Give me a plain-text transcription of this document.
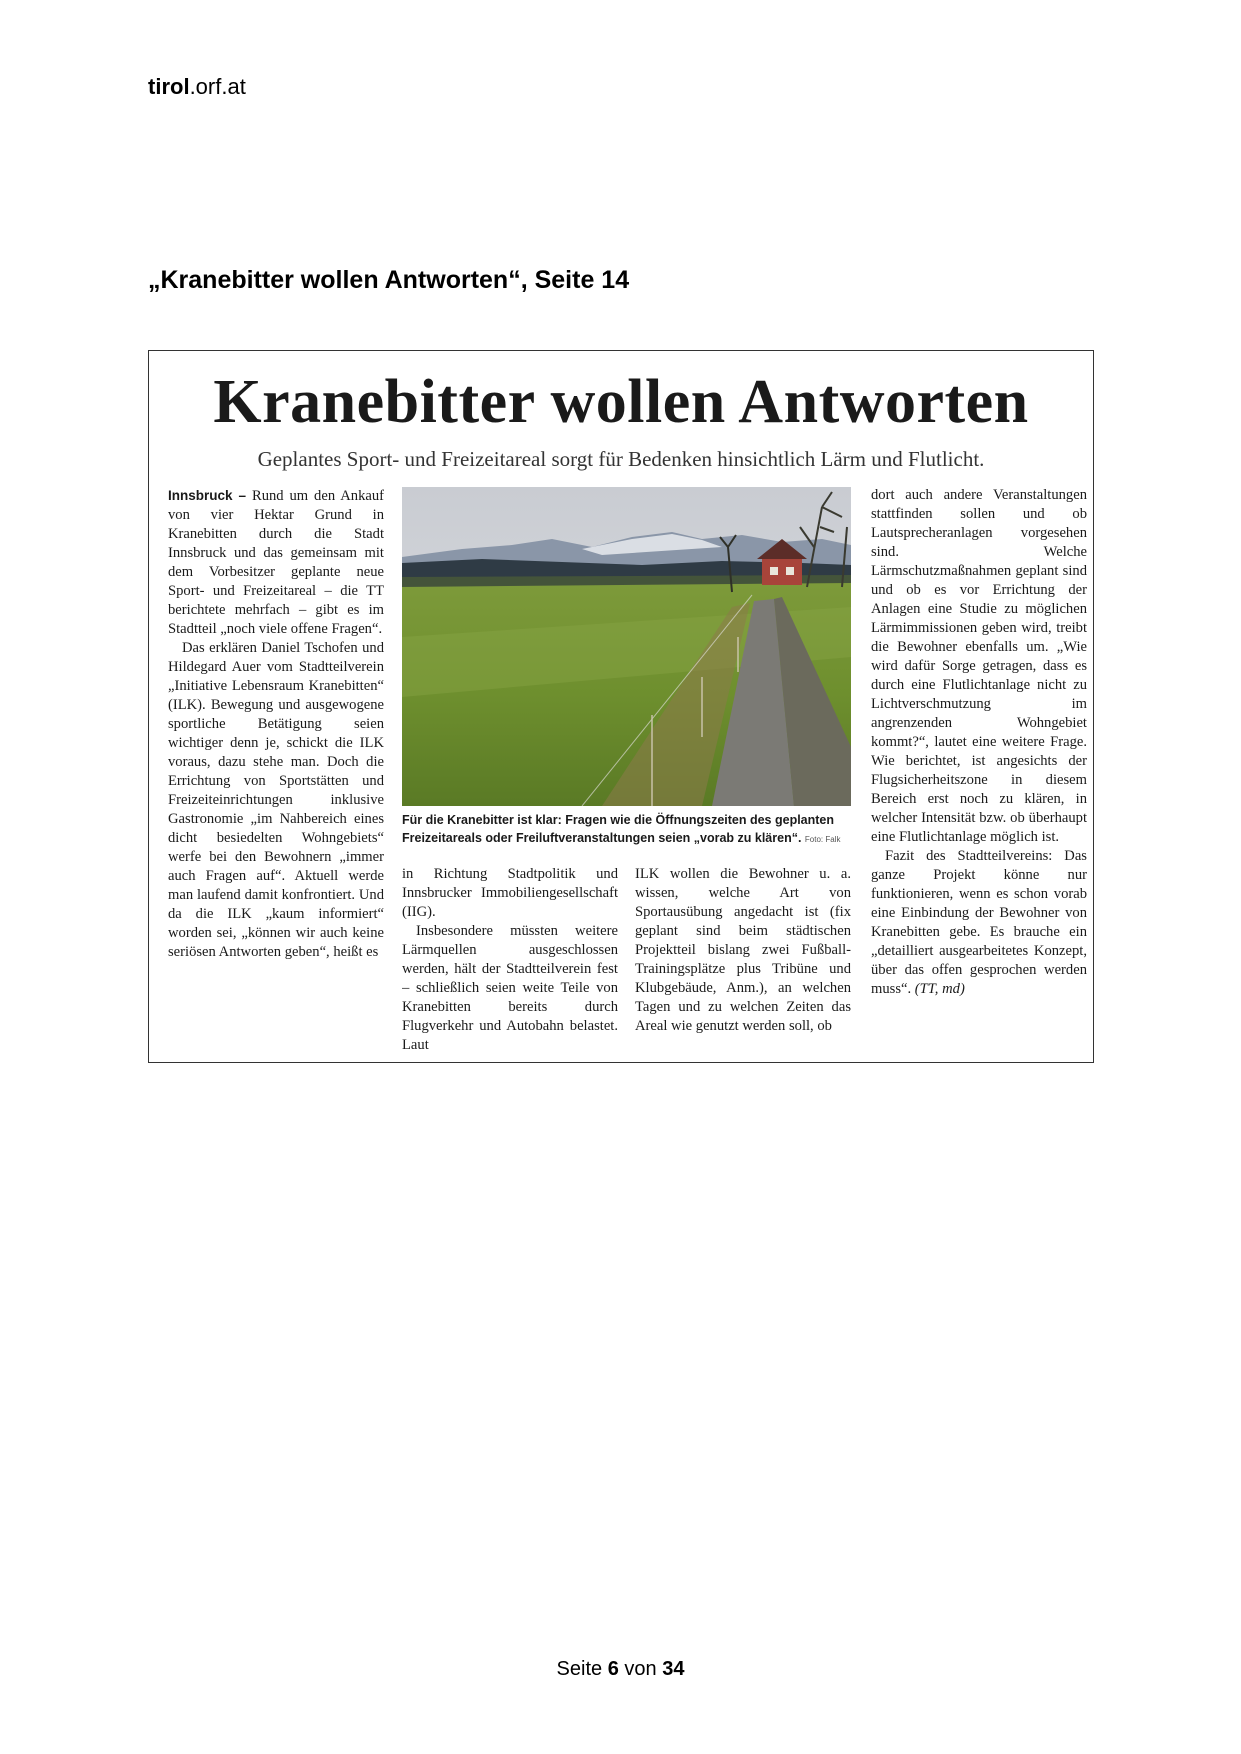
tirol.orf.at
„Kranebitter wollen Antworten“, Seite 14
Kranebitter wollen Antworten
Geplantes Sport- und Freizeitareal sorgt für Bedenken hinsichtlich Lärm und Flutlicht.

Innsbruck – Rund um den Ankauf von vier Hektar Grund in Kranebitten durch die Stadt Innsbruck und das gemeinsam mit dem Vorbesitzer geplante neue Sport- und Freizeitareal – die TT berichtete mehrfach – gibt es im Stadtteil „noch viele offene Fragen“.

Das erklären Daniel Tschofen und Hildegard Auer vom Stadtteilverein „Initiative Lebensraum Kranebitten“ (ILK). Bewegung und ausgewogene sportliche Betätigung seien wichtiger denn je, schickt die ILK voraus, dazu stehe man. Doch die Errichtung von Sportstätten und Freizeiteinrichtungen inklusive Gastronomie „im Nahbereich eines dicht besiedelten Wohngebiets“ werfe bei den Bewohnern „immer auch Fragen auf“. Aktuell werde man laufend damit konfrontiert. Und da die ILK „kaum informiert“ worden sei, „können wir auch keine seriösen Antworten geben“, heißt es

Für die Kranebitter ist klar: Fragen wie die Öffnungszeiten des geplanten Freizeitareals oder Freiluftveranstaltungen seien „vorab zu klären“. Foto: Falk

in Richtung Stadtpolitik und Innsbrucker Immobiliengesellschaft (IIG).

Insbesondere müssten weitere Lärmquellen ausgeschlossen werden, hält der Stadtteilverein fest – schließlich seien weite Teile von Kranebitten bereits durch Flugverkehr und Autobahn belastet. Laut

ILK wollen die Bewohner u. a. wissen, welche Art von Sportausübung angedacht ist (fix geplant sind beim städtischen Projektteil bislang zwei Fußball-Trainingsplätze plus Tribüne und Klubgebäude, Anm.), an welchen Tagen und zu welchen Zeiten das Areal wie genutzt werden soll, ob

dort auch andere Veranstaltungen stattfinden sollen und ob Lautsprecheranlagen vorgesehen sind. Welche Lärmschutzmaßnahmen geplant sind und ob es vor Errichtung der Anlagen eine Studie zu möglichen Lärmimmissionen geben wird, treibt die Bewohner ebenfalls um. „Wie wird dafür Sorge getragen, dass es durch eine Flutlichtanlage nicht zu Lichtverschmutzung im angrenzenden Wohngebiet kommt?“, lautet eine weitere Frage. Wie berichtet, ist angesichts der Flugsicherheitszone in diesem Bereich erst noch zu klären, in welcher Intensität bzw. ob überhaupt eine Flutlichtanlage möglich ist.

Fazit des Stadtteilvereins: Das ganze Projekt könne nur funktionieren, wenn es schon vorab eine Einbindung der Bewohner von Kranebitten gebe. Es brauche ein „detailliert ausgearbeitetes Konzept, über das offen gesprochen werden muss“. (TT, md)

Seite 6 von 34
